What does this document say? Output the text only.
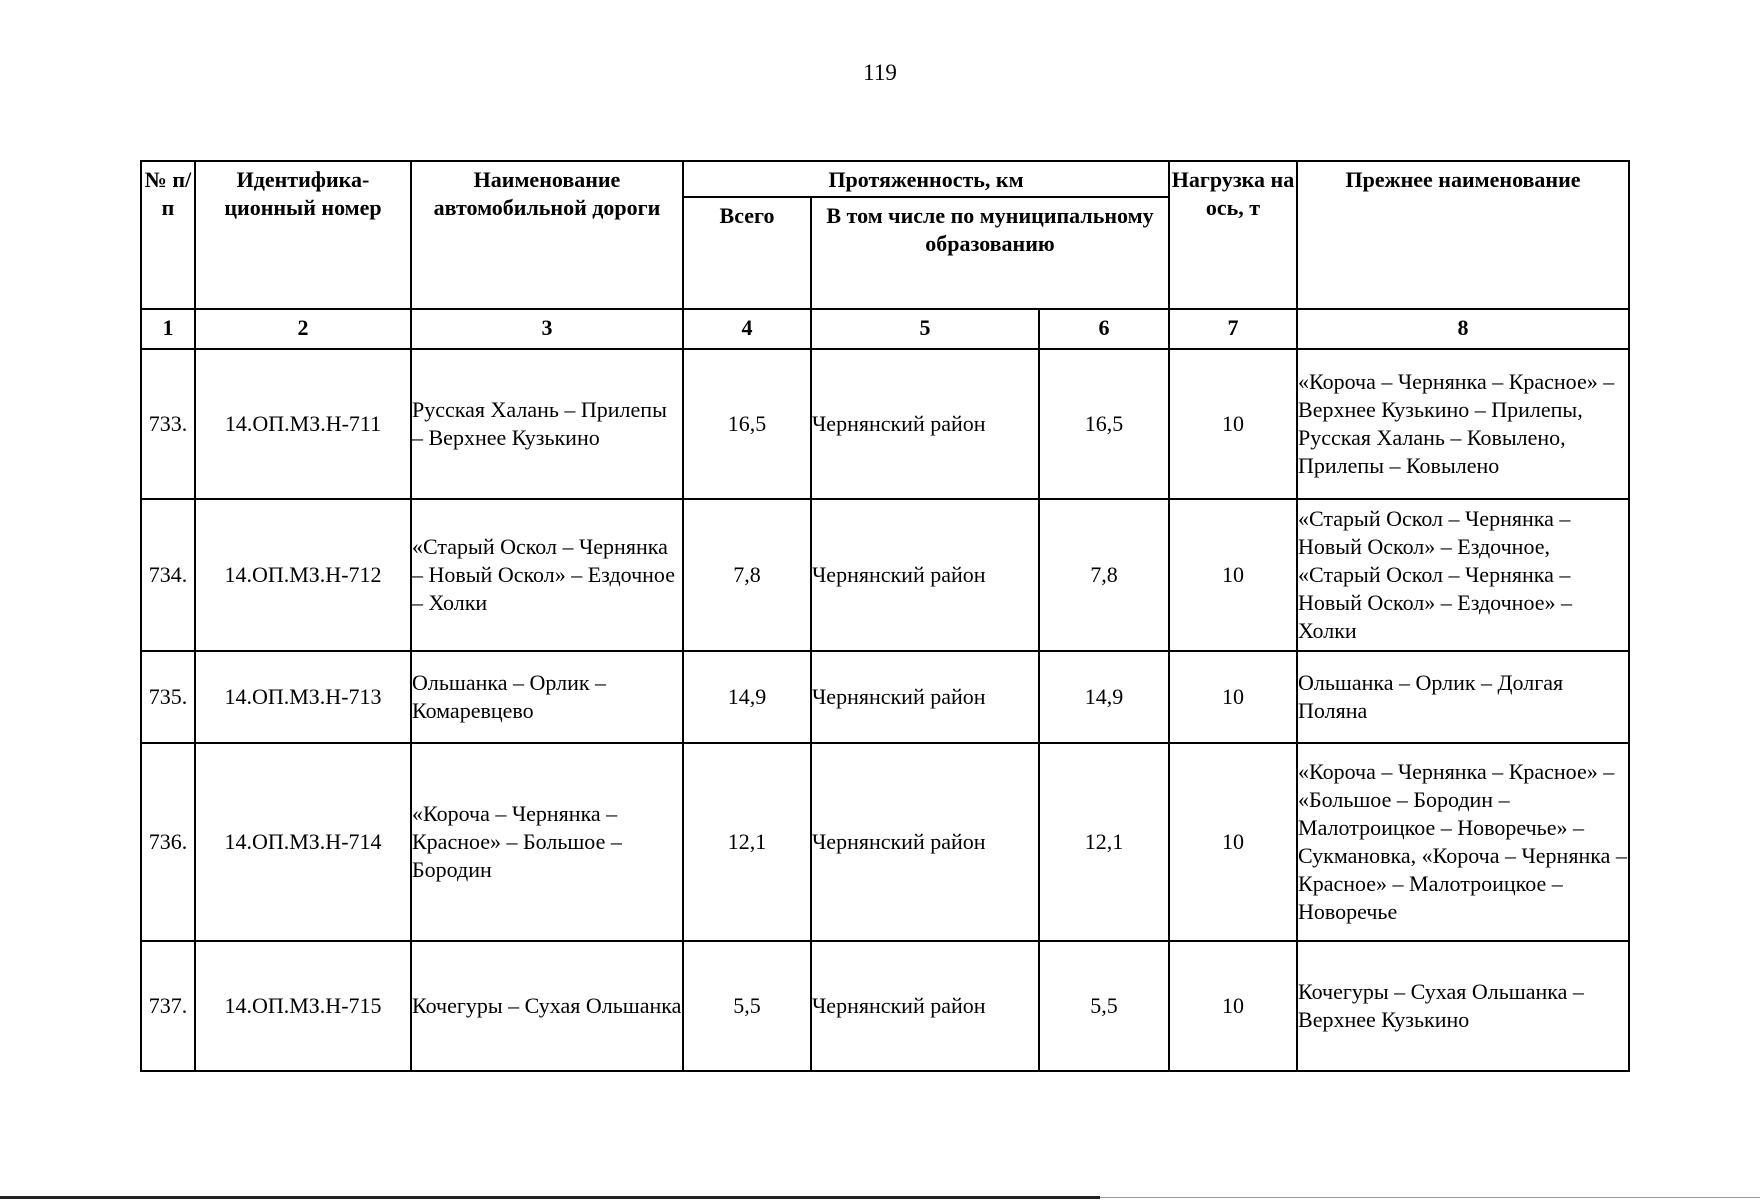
119
№ п/п	Идентифика-ционный номер	Наименование автомобильной дороги	Протяженность, км			Нагрузка на ось, т	Прежнее наименование
			Всего	В том числе по муниципальному образованию			
1	2	3	4	5	6	7	8
733.	14.ОП.МЗ.Н-711	Русская Халань – Прилепы – Верхнее Кузькино	16,5	Чернянский район	16,5	10	«Короча – Чернянка – Красное» – Верхнее Кузькино – Прилепы, Русская Халань – Ковылено, Прилепы – Ковылено
734.	14.ОП.МЗ.Н-712	«Старый Оскол – Чернянка – Новый Оскол» – Ездочное – Холки	7,8	Чернянский район	7,8	10	«Старый Оскол – Чернянка – Новый Оскол» – Ездочное, «Старый Оскол – Чернянка – Новый Оскол» – Ездочное» – Холки
735.	14.ОП.МЗ.Н-713	Ольшанка – Орлик – Комаревцево	14,9	Чернянский район	14,9	10	Ольшанка – Орлик – Долгая Поляна
736.	14.ОП.МЗ.Н-714	«Короча – Чернянка – Красное» – Большое – Бородин	12,1	Чернянский район	12,1	10	«Короча – Чернянка – Красное» – «Большое – Бородин – Малотроицкое – Новоречье» – Сукмановка, «Короча – Чернянка – Красное» – Малотроицкое – Новоречье
737.	14.ОП.МЗ.Н-715	Кочегуры – Сухая Ольшанка	5,5	Чернянский район	5,5	10	Кочегуры – Сухая Ольшанка – Верхнее Кузькино
